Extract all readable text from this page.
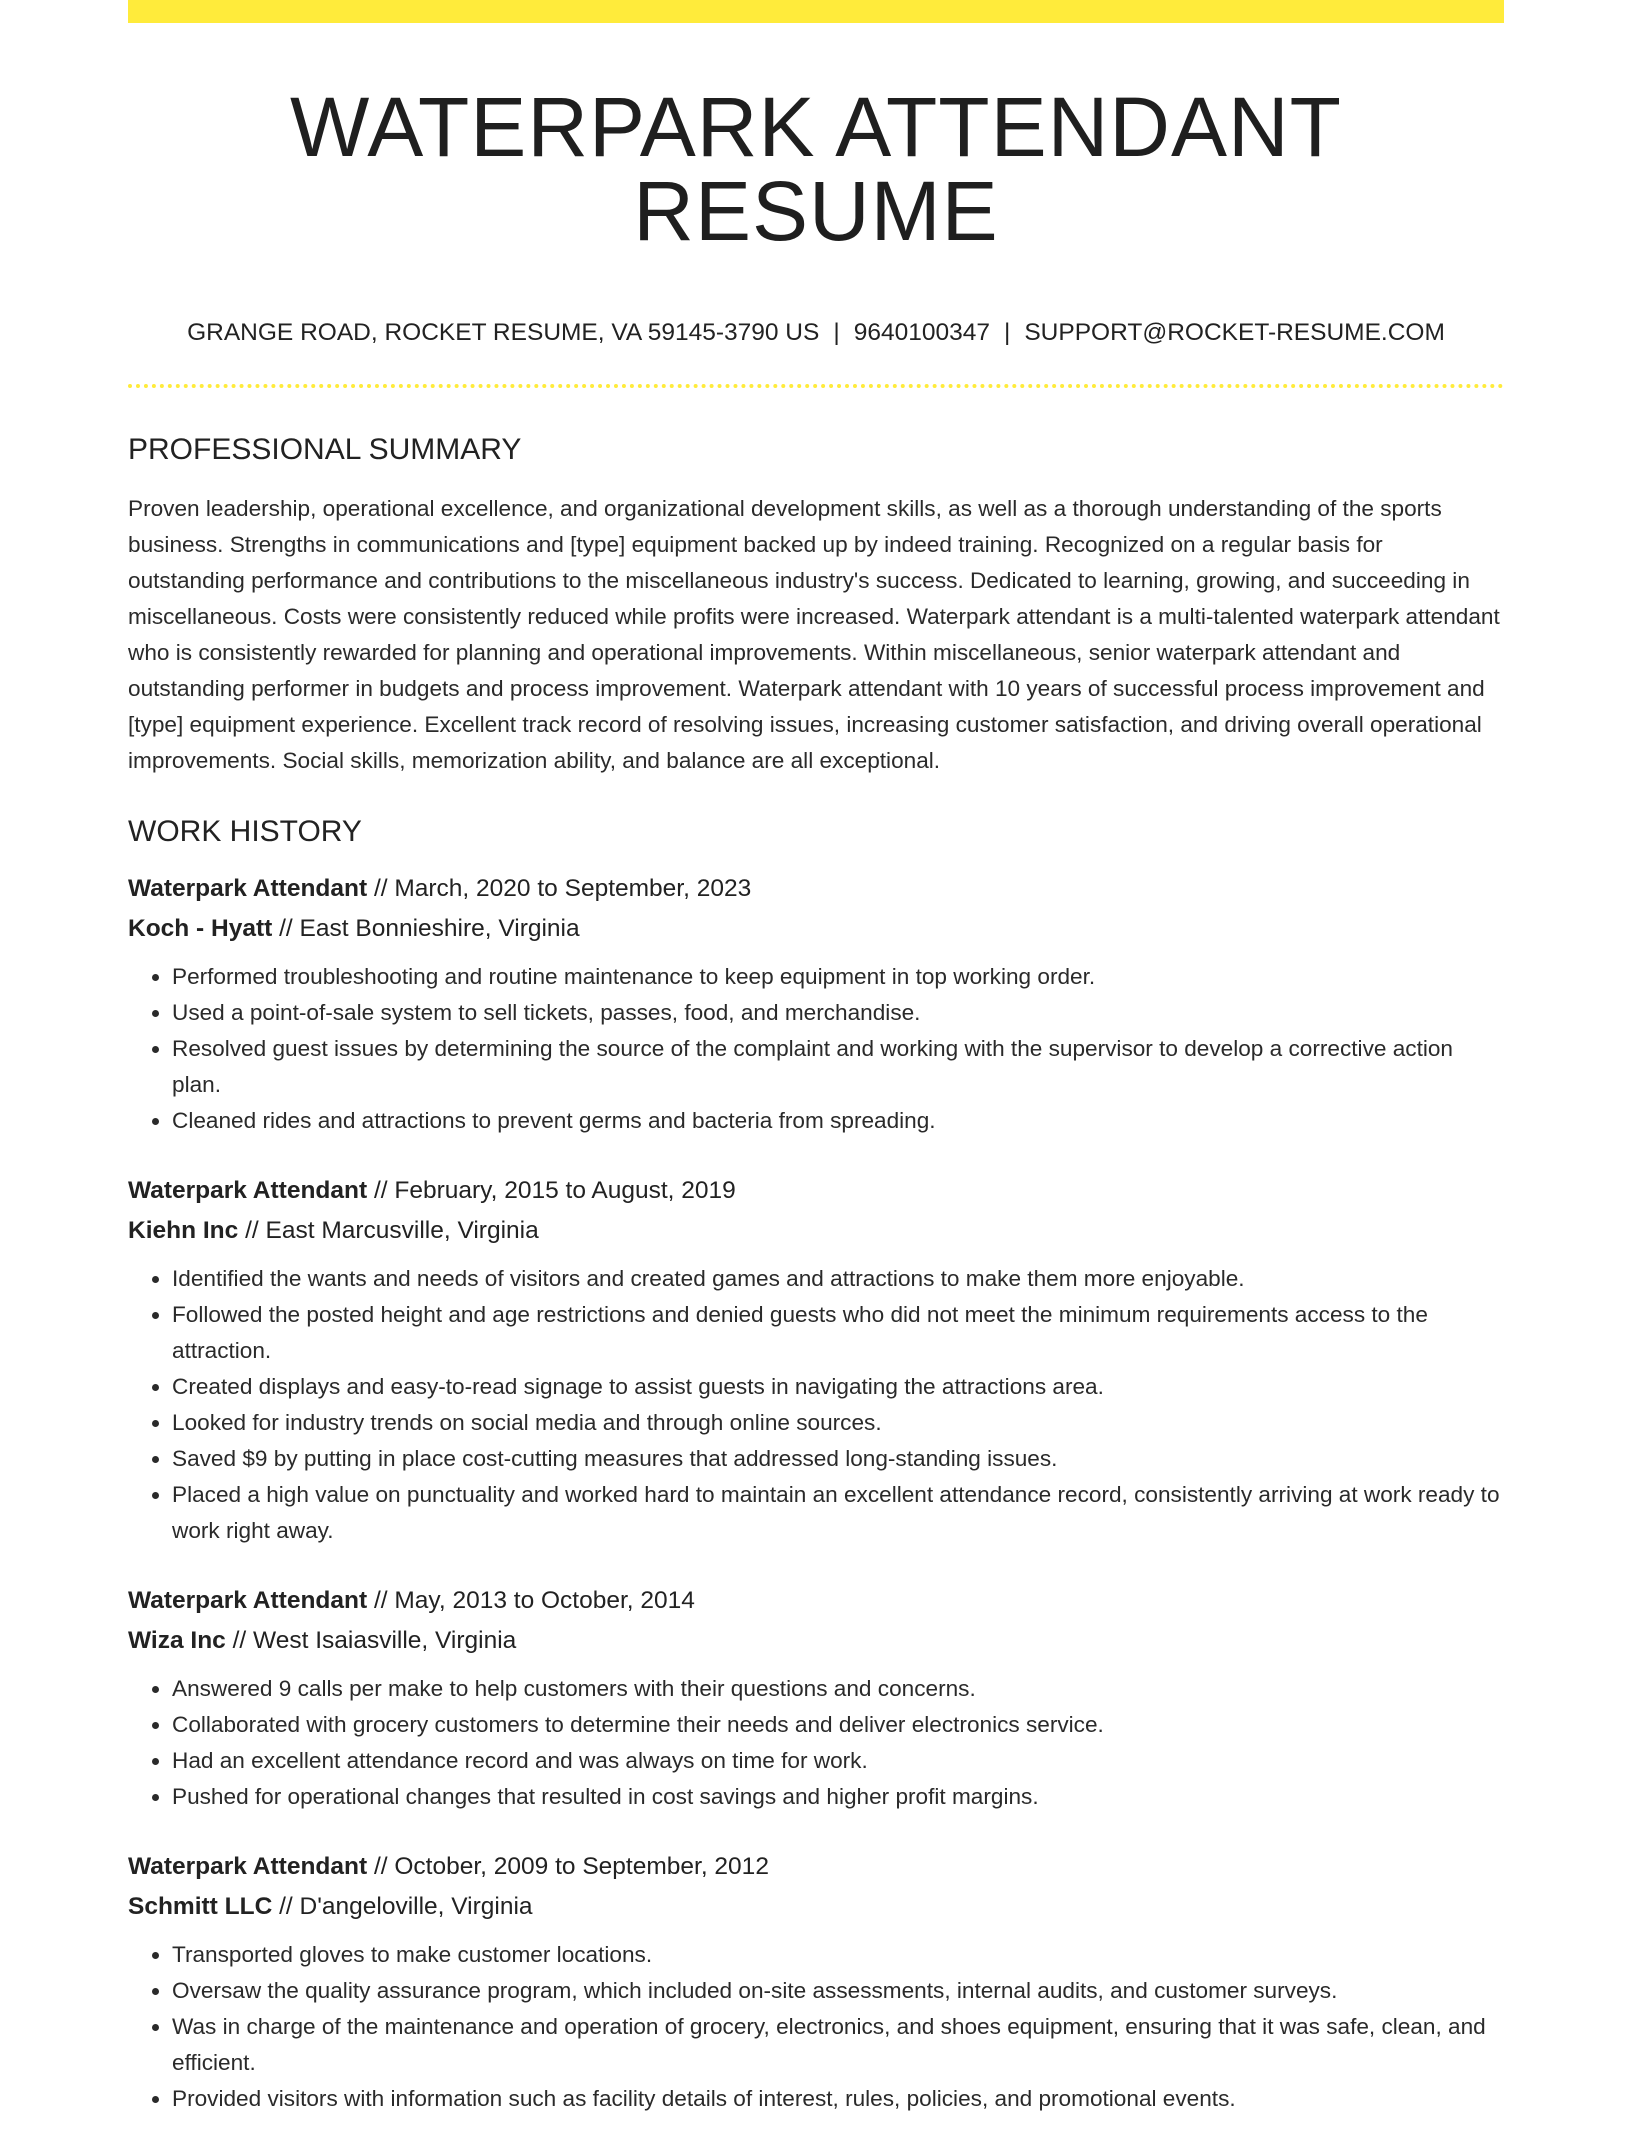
WATERPARK ATTENDANT RESUME
GRANGE ROAD, ROCKET RESUME, VA 59145-3790 US | 9640100347 | SUPPORT@ROCKET-RESUME.COM
PROFESSIONAL SUMMARY

Proven leadership, operational excellence, and organizational development skills, as well as a thorough understanding of the sports business. Strengths in communications and [type] equipment backed up by indeed training. Recognized on a regular basis for outstanding performance and contributions to the miscellaneous industry's success. Dedicated to learning, growing, and succeeding in miscellaneous. Costs were consistently reduced while profits were increased. Waterpark attendant is a multi-talented waterpark attendant who is consistently rewarded for planning and operational improvements. Within miscellaneous, senior waterpark attendant and outstanding performer in budgets and process improvement. Waterpark attendant with 10 years of successful process improvement and [type] equipment experience. Excellent track record of resolving issues, increasing customer satisfaction, and driving overall operational improvements. Social skills, memorization ability, and balance are all exceptional.

WORK HISTORY
Waterpark Attendant // March, 2020 to September, 2023
Koch - Hyatt // East Bonnieshire, Virginia
• Performed troubleshooting and routine maintenance to keep equipment in top working order.
• Used a point-of-sale system to sell tickets, passes, food, and merchandise.
• Resolved guest issues by determining the source of the complaint and working with the supervisor to develop a corrective action plan.
• Cleaned rides and attractions to prevent germs and bacteria from spreading.
Waterpark Attendant // February, 2015 to August, 2019
Kiehn Inc // East Marcusville, Virginia
• Identified the wants and needs of visitors and created games and attractions to make them more enjoyable.
• Followed the posted height and age restrictions and denied guests who did not meet the minimum requirements access to the attraction.
• Created displays and easy-to-read signage to assist guests in navigating the attractions area.
• Looked for industry trends on social media and through online sources.
• Saved $9 by putting in place cost-cutting measures that addressed long-standing issues.
• Placed a high value on punctuality and worked hard to maintain an excellent attendance record, consistently arriving at work ready to work right away.
Waterpark Attendant // May, 2013 to October, 2014
Wiza Inc // West Isaiasville, Virginia
• Answered 9 calls per make to help customers with their questions and concerns.
• Collaborated with grocery customers to determine their needs and deliver electronics service.
• Had an excellent attendance record and was always on time for work.
• Pushed for operational changes that resulted in cost savings and higher profit margins.
Waterpark Attendant // October, 2009 to September, 2012
Schmitt LLC // D'angeloville, Virginia
• Transported gloves to make customer locations.
• Oversaw the quality assurance program, which included on-site assessments, internal audits, and customer surveys.
• Was in charge of the maintenance and operation of grocery, electronics, and shoes equipment, ensuring that it was safe, clean, and efficient.
• Provided visitors with information such as facility details of interest, rules, policies, and promotional events.
